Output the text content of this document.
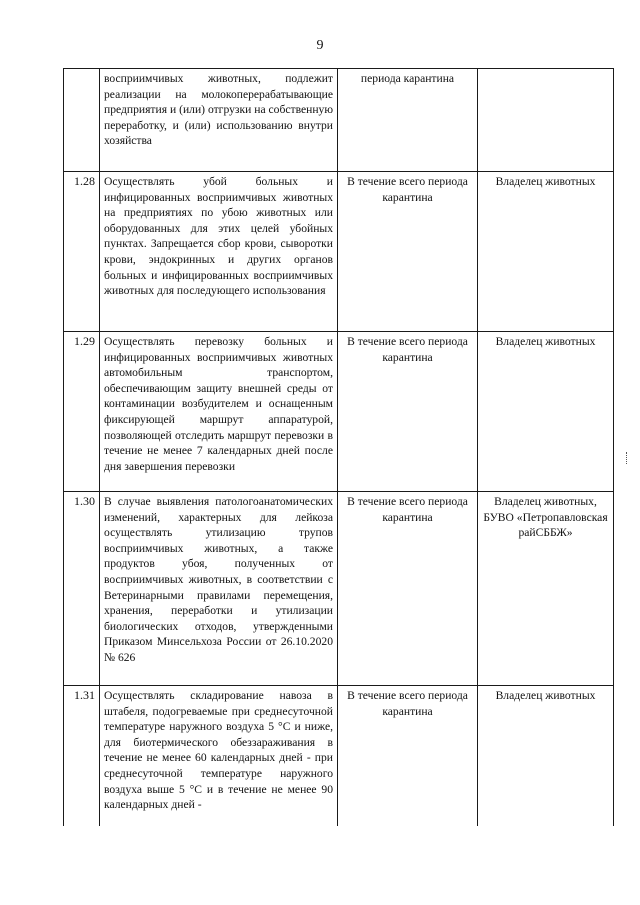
9
	восприимчивых животных, подлежит реализации на молокоперерабатывающие предприятия и (или) отгрузки на собственную переработку, и (или) использованию внутри хозяйства	периода карантина	
1.28	Осуществлять убой больных и инфицированных восприимчивых животных на предприятиях по убою животных или оборудованных для этих целей убойных пунктах. Запрещается сбор крови, сыворотки крови, эндокринных и других органов больных и инфицированных восприимчивых животных для последующего использования	В течение всего периода карантина	Владелец животных
1.29	Осуществлять перевозку больных и инфицированных восприимчивых животных автомобильным транспортом, обеспечивающим защиту внешней среды от контаминации возбудителем и оснащенным фиксирующей маршрут аппаратурой, позволяющей отследить маршрут перевозки в течение не менее 7 календарных дней после дня завершения перевозки	В течение всего периода карантина	Владелец животных
1.30	В случае выявления патологоанатомических изменений, характерных для лейкоза осуществлять утилизацию трупов восприимчивых животных, а также продуктов убоя, полученных от восприимчивых животных, в соответствии с Ветеринарными правилами перемещения, хранения, переработки и утилизации биологических отходов, утвержденными Приказом Минсельхоза России от 26.10.2020 № 626	В течение всего периода карантина	Владелец животных, БУВО «Петропавловская райСББЖ»
1.31	Осуществлять складирование навоза в штабеля, подогреваемые при среднесуточной температуре наружного воздуха 5 °С и ниже, для биотермического обеззараживания в течение не менее 60 календарных дней - при среднесуточной температуре наружного воздуха выше 5 °С и в течение не менее 90 календарных дней -	В течение всего периода карантина	Владелец животных
